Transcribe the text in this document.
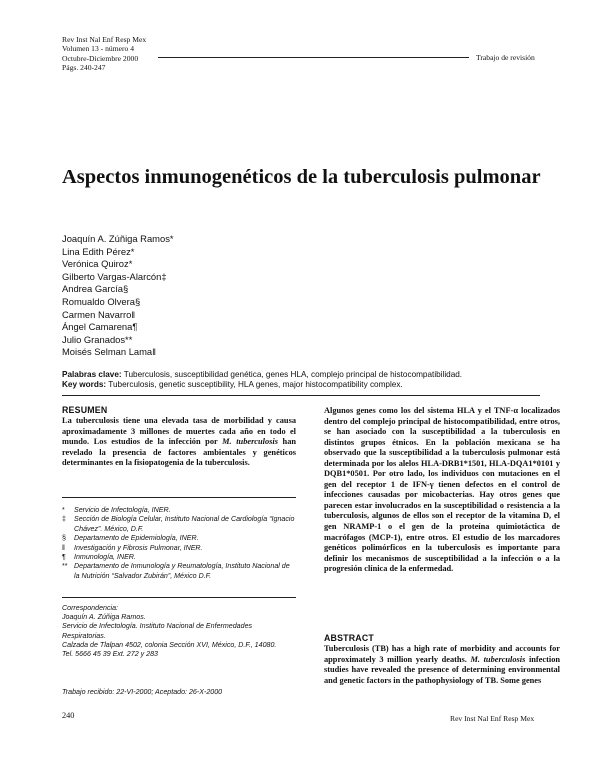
Rev Inst Nal Enf Resp Mex
Volumen 13 - número 4
Octubre-Diciembre 2000
Págs. 240-247
Trabajo de revisión
Aspectos inmunogenéticos de la tuberculosis pulmonar
Joaquín A. Zúñiga Ramos*
Lina Edith Pérez*
Verónica Quiroz*
Gilberto Vargas-Alarcón‡
Andrea García§
Romualdo Olvera§
Carmen Navarro‖
Ángel Camarena¶
Julio Granados**
Moisés Selman Lama‖
Palabras clave: Tuberculosis, susceptibilidad genética, genes HLA, complejo principal de histocompatibilidad.
Key words: Tuberculosis, genetic susceptibility, HLA genes, major histocompatibility complex.
RESUMEN
La tuberculosis tiene una elevada tasa de morbilidad y causa aproximadamente 3 millones de muertes cada año en todo el mundo. Los estudios de la infección por M. tuberculosis han revelado la presencia de factores ambientales y genéticos determinantes en la fisiopatogenia de la tuberculosis.
* Servicio de Infectología, INER.
‡ Sección de Biología Celular, Instituto Nacional de Cardiología “Ignacio Chávez”. México, D.F.
§ Departamento de Epidemiología, INER.
‖ Investigación y Fibrosis Pulmonar, INER.
¶ Inmunología, INER.
** Departamento de Inmunología y Reumatología, Instituto Nacional de la Nutrición “Salvador Zubirán”, México D.F.
Correspondencia:
Joaquín A. Zúñiga Ramos.
Servicio de Infectología. Instituto Nacional de Enfermedades Respiratorias.
Calzada de Tlalpan 4502, colonia Sección XVI, México, D.F., 14080.
Tel. 5666 45 39 Ext. 272 y 283
Trabajo recibido: 22-VI-2000; Aceptado: 26-X-2000
Algunos genes como los del sistema HLA y el TNF-α localizados dentro del complejo principal de histocompatibilidad, entre otros, se han asociado con la susceptibilidad a la tuberculosis en distintos grupos étnicos. En la población mexicana se ha observado que la susceptibilidad a la tuberculosis pulmonar está determinada por los alelos HLA-DRB1*1501, HLA-DQA1*0101 y DQB1*0501. Por otro lado, los individuos con mutaciones en el gen del receptor 1 de IFN-γ tienen defectos en el control de infecciones causadas por micobacterias. Hay otros genes que parecen estar involucrados en la susceptibilidad o resistencia a la tuberculosis, algunos de ellos son el receptor de la vitamina D, el gen NRAMP-1 o el gen de la proteína quimiotáctica de macrófagos (MCP-1), entre otros. El estudio de los marcadores genéticos polimórficos en la tuberculosis es importante para definir los mecanismos de susceptibilidad a la infección o a la progresión clínica de la enfermedad.
ABSTRACT
Tuberculosis (TB) has a high rate of morbidity and accounts for approximately 3 million yearly deaths. M. tuberculosis infection studies have revealed the presence of determining environmental and genetic factors in the pathophysiology of TB. Some genes
240	Rev Inst Nal Enf Resp Mex
